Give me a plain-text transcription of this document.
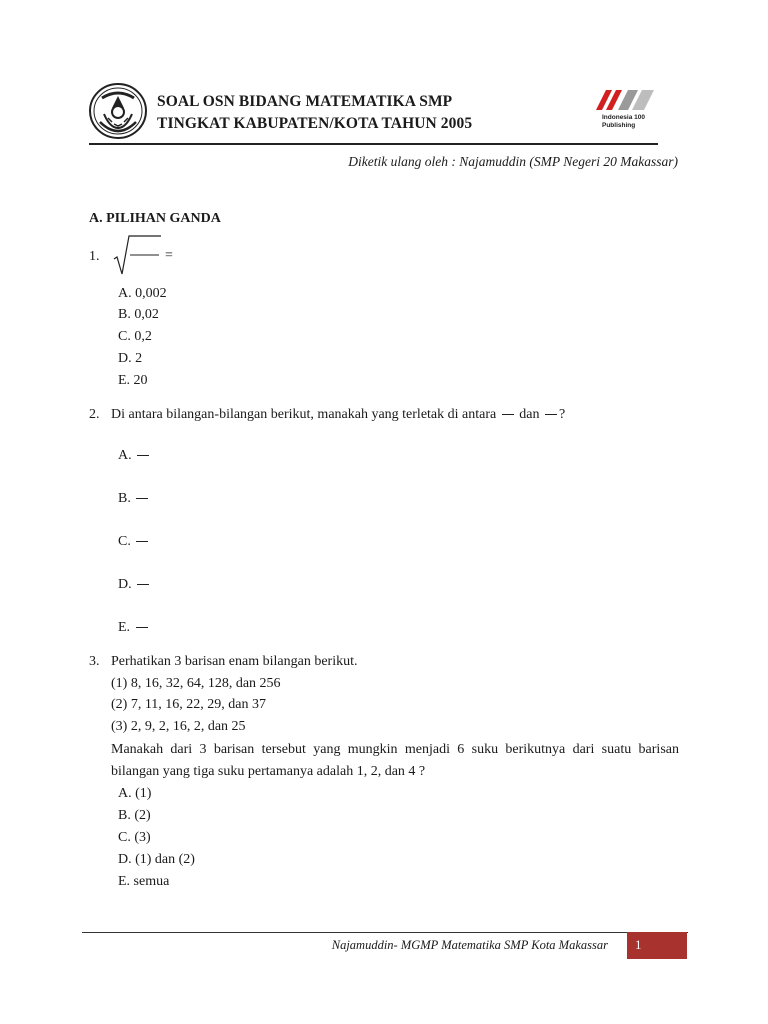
SOAL OSN BIDANG MATEMATIKA SMP
TINGKAT KABUPATEN/KOTA TAHUN 2005	Indonesia 100
Publishing
Diketik ulang oleh : Najamuddin (SMP Negeri 20 Makassar)
A. PILIHAN GANDA
1.	=
A. 0,002
B. 0,02
C. 0,2
D. 2
E. 20
2. Di antara bilangan-bilangan berikut, manakah yang terletak di antara dan ?
A.
B.
C.
D.
E.
3. Perhatikan 3 barisan enam bilangan berikut.
(1) 8, 16, 32, 64, 128, dan 256
(2) 7, 11, 16, 22, 29, dan 37
(3) 2, 9, 2, 16, 2, dan 25
Manakah dari 3 barisan tersebut yang mungkin menjadi 6 suku berikutnya dari suatu barisan bilangan yang tiga suku pertamanya adalah 1, 2, dan 4 ?
A. (1)
B. (2)
C. (3)
D. (1) dan (2)
E. semua
Najamuddin- MGMP Matematika SMP Kota Makassar 1
